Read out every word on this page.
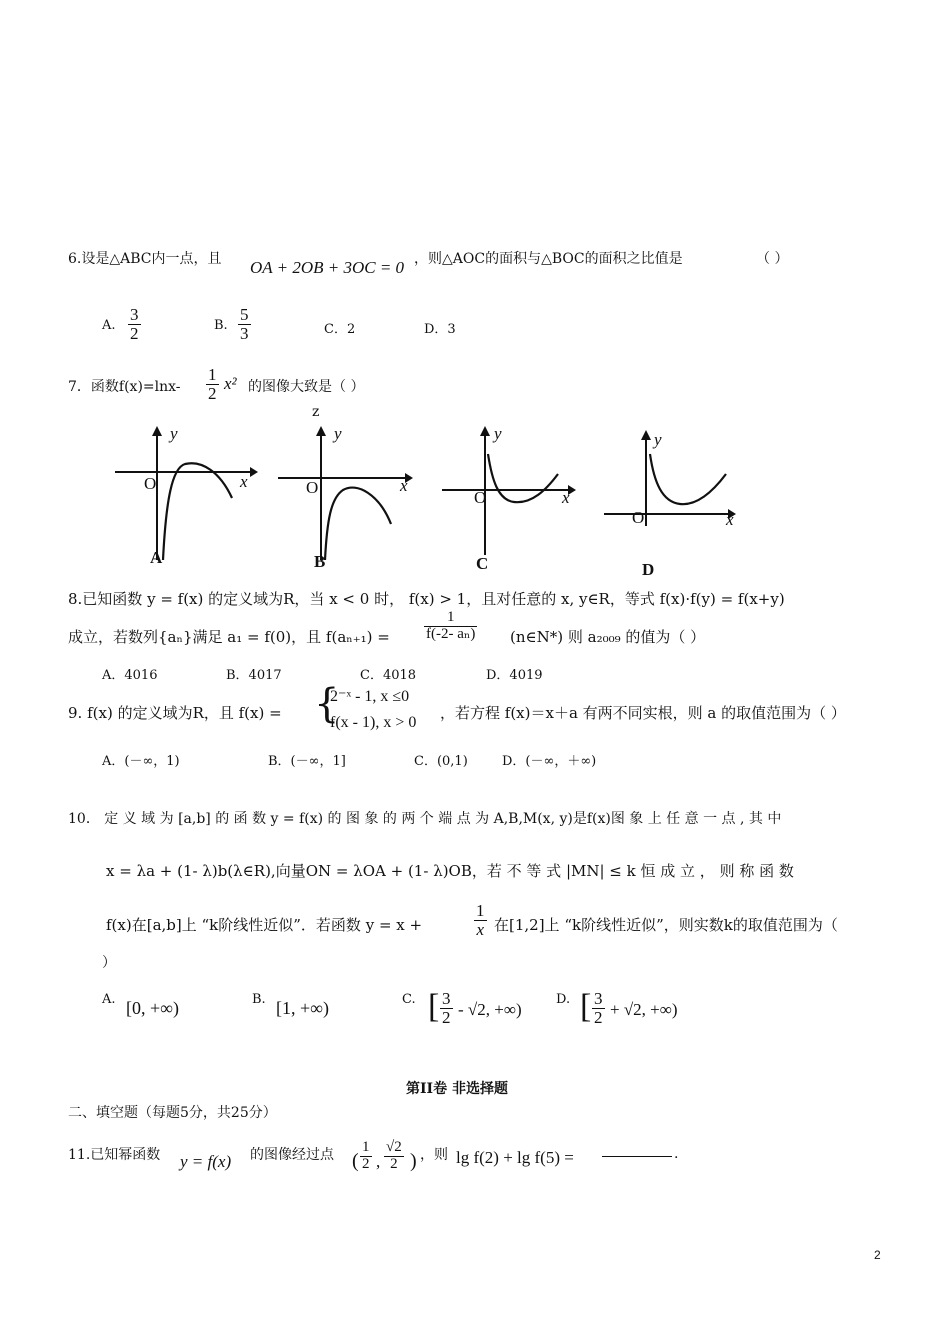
6.设是△ABC内一点，且 OA + 2OB + 3OC = 0 ，则△AOC的面积与△BOC的面积之比值是	（ ）
A. $\frac{3}{2}$	B. $\frac{5}{3}$	C．2	D．3
7．函数$f(x)=\ln x- \frac{1}{2} x^2$ 的图像大致是（ ）
z
y
x
O
A
y
x
O
B
y
x
O
C
y
x
O
D
8.已知函数 y = f(x) 的定义域为R，当 x < 0 时， f(x) > 1，且对任意的 x, y∈R，等式 f(x)·f(y) = f(x+y)
成立，若数列{aₙ}满足 a₁ = f(0)，且 $f(a_{n+1}) = \frac{1}{\text{f(-2- aₙ)}}$ (n∈N*) 则 a₂₀₀₉ 的值为（ ）
A．4016	B．4017	C．4018	D．4019
9. f(x) 的定义域为R，且 f(x) = {
2⁻ˣ - 1, x ≤0
f(x - 1), x > 0
，若方程 f(x)＝x＋a 有两不同实根，则 a 的取值范围为（ ）
A．(－∞，1)	B．(－∞，1]	C．(0,1)	D．(－∞，＋∞)
10． 定 义 域 为 [a,b] 的 函 数 y = f(x) 的 图 象 的 两 个 端 点 为 A,B,M(x, y)是f(x)图 象 上 任 意 一 点 , 其 中
x = λa + (1- λ)b(λ∈R),向量ON = λOA + (1- λ)OB，若 不 等 式 |MN| ≤ k 恒 成 立 ， 则 称 函 数
f(x)在[a,b]上 “k阶线性近似”．若函数 y = x +	$\frac{1}{x}$ 在[1,2]上 “k阶线性近似”，则实数k的取值范围为（
）
A. [0, +∞)	B. [1, +∞)	C. [ $\frac{3}{2} - √2$, +∞)
D. [ $\frac{3}{2} + √2$, +∞)
第II卷 非选择题
二、填空题（每题5分，共25分）
11.已知幂函数 y = f(x) 的图像经过点 ( $\frac{1}{2}$ , $\frac{√2}{2}$ ) ，则 lg f(2) + lg f(5) =	.
2
